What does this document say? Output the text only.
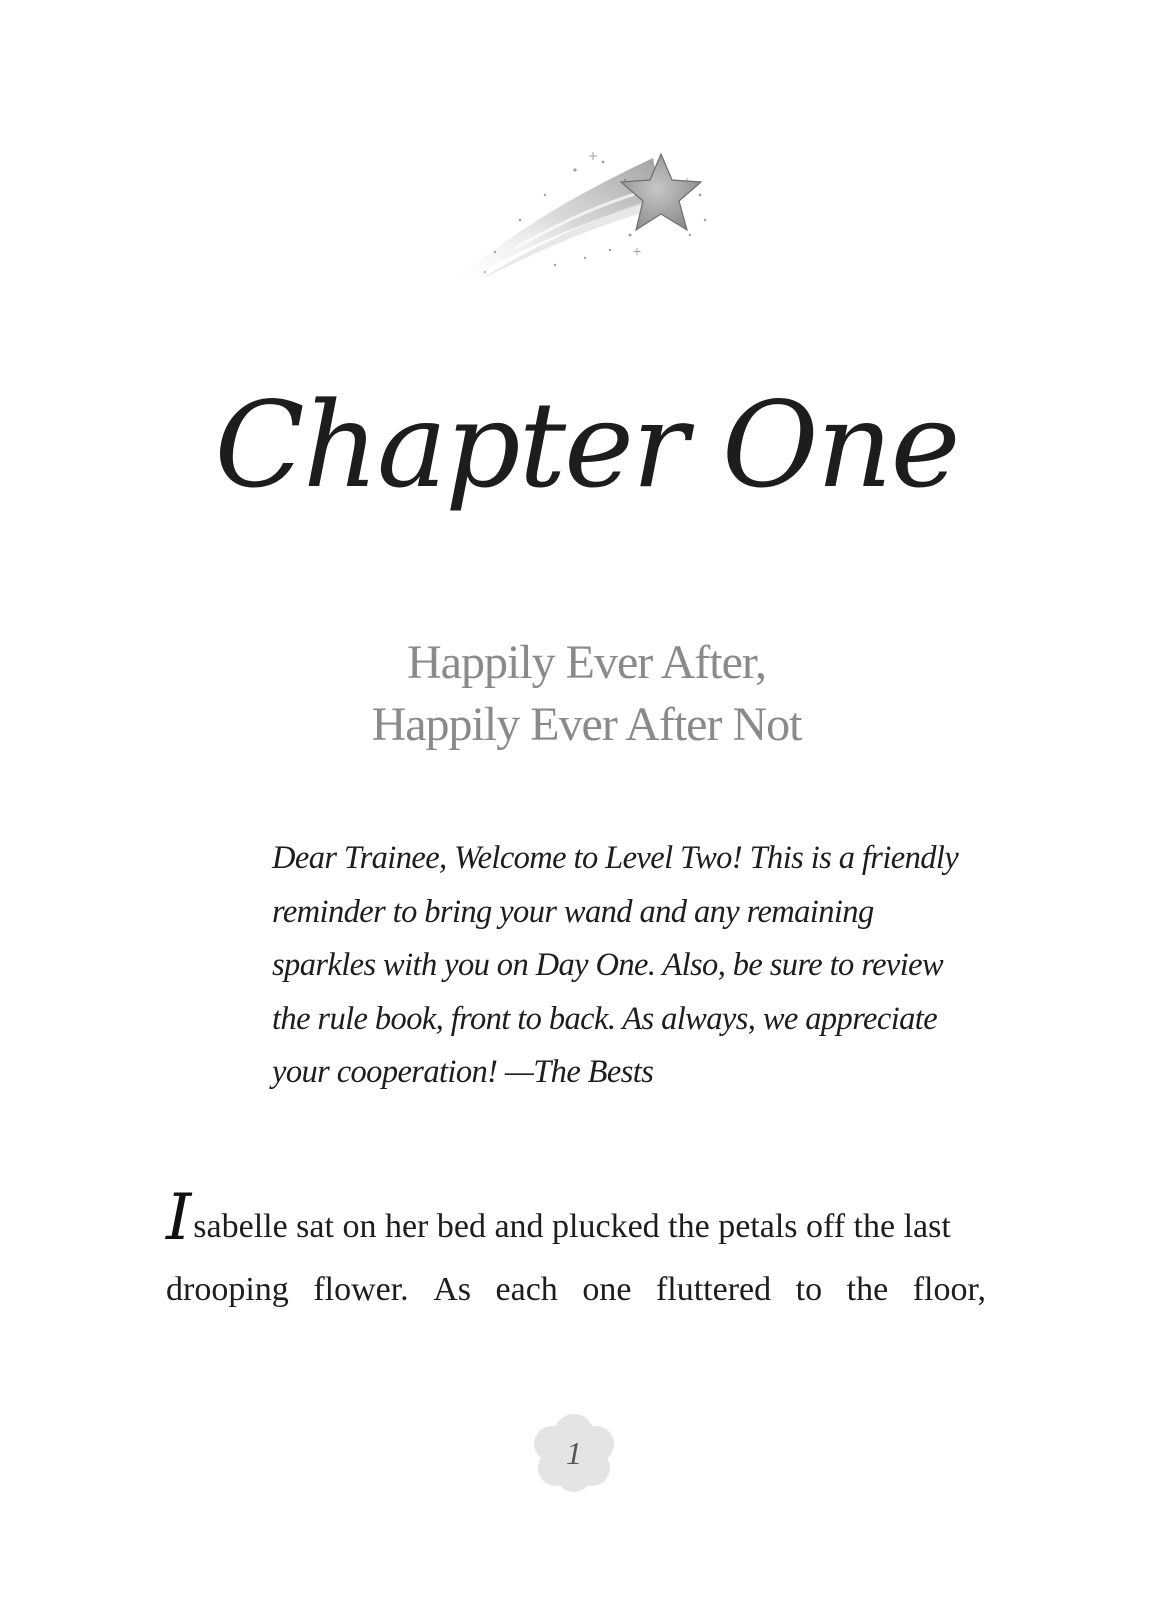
Chapter One
Happily Ever After,
Happily Ever After Not
Dear Trainee, Welcome to Level Two! This is a friendly
reminder to bring your wand and any remaining
sparkles with you on Day One. Also, be sure to review
the rule book, front to back. As always, we appreciate
your cooperation! —The Bests
Isabelle sat on her bed and plucked the petals off the last
drooping flower. As each one fluttered to the floor,
1
